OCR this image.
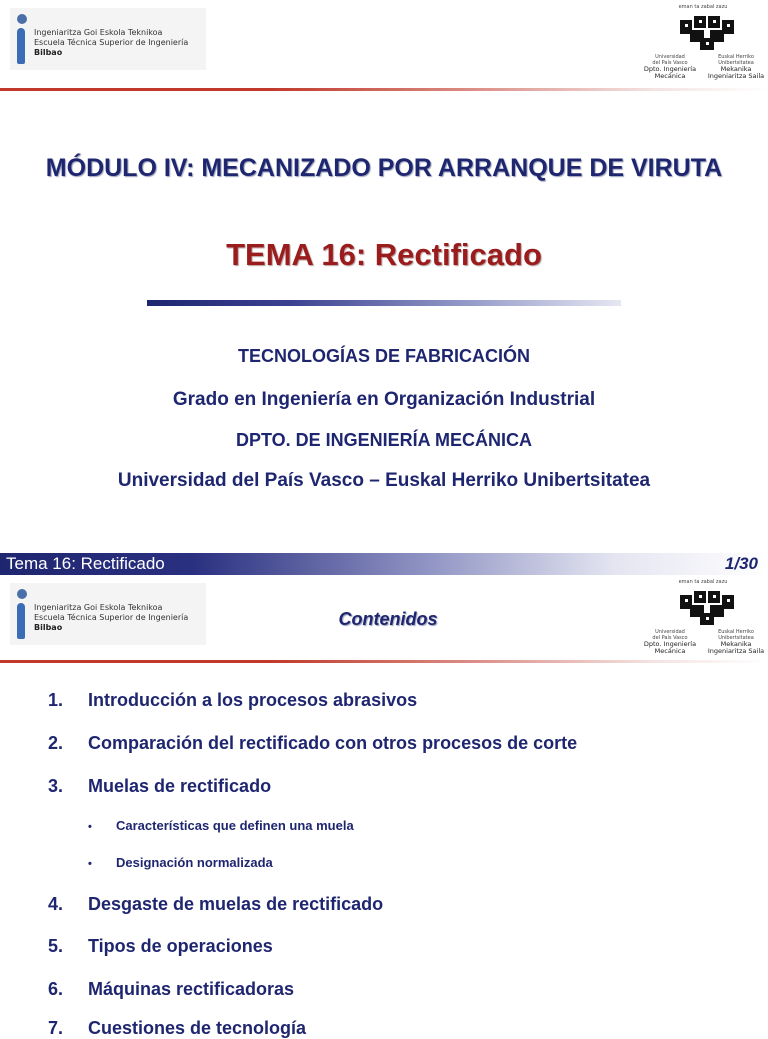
Ingeniaritza Goi Eskola Teknikoa
Escuela Técnica Superior de Ingeniería
Bilbao
eman ta zabal zazu
Universidad
del País Vasco
Euskal Herriko
Unibertsitatea
Dpto. Ingeniería
Mecánica
Mekanika
Ingeniaritza Saila
MÓDULO IV: MECANIZADO POR ARRANQUE DE VIRUTA
TEMA 16: Rectificado
TECNOLOGÍAS DE FABRICACIÓN
Grado en Ingeniería en Organización Industrial
DPTO. DE INGENIERÍA MECÁNICA
Universidad del País Vasco – Euskal Herriko Unibertsitatea
Tema 16: Rectificado	1/30
Ingeniaritza Goi Eskola Teknikoa
Escuela Técnica Superior de Ingeniería
Bilbao	Contenidos
eman ta zabal zazu
Universidad
del País Vasco
Euskal Herriko
Unibertsitatea
Dpto. Ingeniería
Mecánica
Mekanika
Ingeniaritza Saila
1. Introducción a los procesos abrasivos
2. Comparación del rectificado con otros procesos de corte
3. Muelas de rectificado
• Características que definen una muela
• Designación normalizada
4. Desgaste de muelas de rectificado
5. Tipos de operaciones
6. Máquinas rectificadoras
7. Cuestiones de tecnología
